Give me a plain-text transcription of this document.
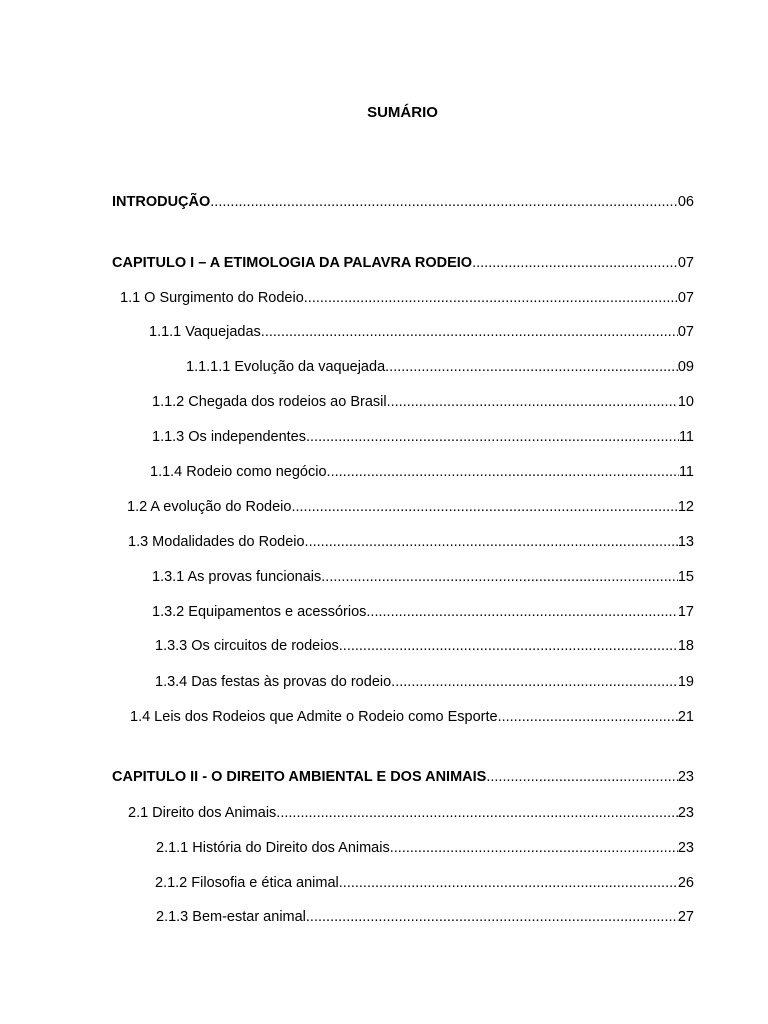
SUMÁRIO
INTRODUÇÃO .....	06
CAPITULO I – A ETIMOLOGIA DA PALAVRA RODEIO .....	07
1.1 O Surgimento do Rodeio .....	07
1.1.1 Vaquejadas .....	07
1.1.1.1 Evolução da vaquejada .....	09
1.1.2 Chegada dos rodeios ao Brasil .....	10
1.1.3 Os independentes .....	11
1.1.4 Rodeio como negócio .....	11
1.2 A evolução do Rodeio .....	12
1.3 Modalidades do Rodeio .....	13
1.3.1 As provas funcionais .....	15
1.3.2 Equipamentos e acessórios .....	17
1.3.3 Os circuitos de rodeios .....	18
1.3.4 Das festas às provas do rodeio .....	19
1.4 Leis dos Rodeios que Admite o Rodeio como Esporte .....	21
CAPITULO II - O DIREITO AMBIENTAL E DOS ANIMAIS .....	23
2.1 Direito dos Animais .....	23
2.1.1 História do Direito dos Animais .....	23
2.1.2 Filosofia e ética animal .....	26
2.1.3 Bem-estar animal .....	27
